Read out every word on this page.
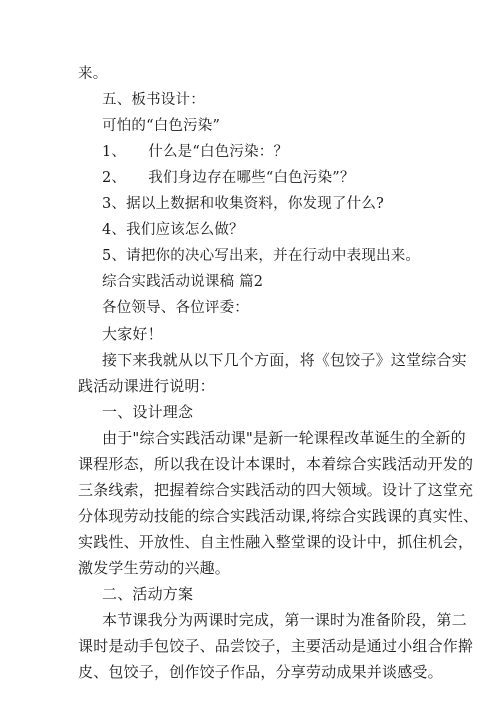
来。
五、板书设计：
可怕的“白色污染”
1、　　什么是“白色污染：？
2、　　我们身边存在哪些“白色污染”？
3、据以上数据和收集资料，你发现了什么?
4、我们应该怎么做？
5、请把你的决心写出来，并在行动中表现出来。
综合实践活动说课稿 篇2
各位领导、各位评委：
大家好！
接下来我就从以下几个方面，将《包饺子》这堂综合实
践活动课进行说明：
一、设计理念
由于"综合实践活动课"是新一轮课程改革诞生的全新的
课程形态，所以我在设计本课时，本着综合实践活动开发的
三条线索，把握着综合实践活动的四大领域。设计了这堂充
分体现劳动技能的综合实践活动课,将综合实践课的真实性、
实践性、开放性、自主性融入整堂课的设计中，抓住机会，
激发学生劳动的兴趣。
二、活动方案
本节课我分为两课时完成，第一课时为准备阶段，第二
课时是动手包饺子、品尝饺子，主要活动是通过小组合作擀
皮、包饺子，创作饺子作品，分享劳动成果并谈感受。
